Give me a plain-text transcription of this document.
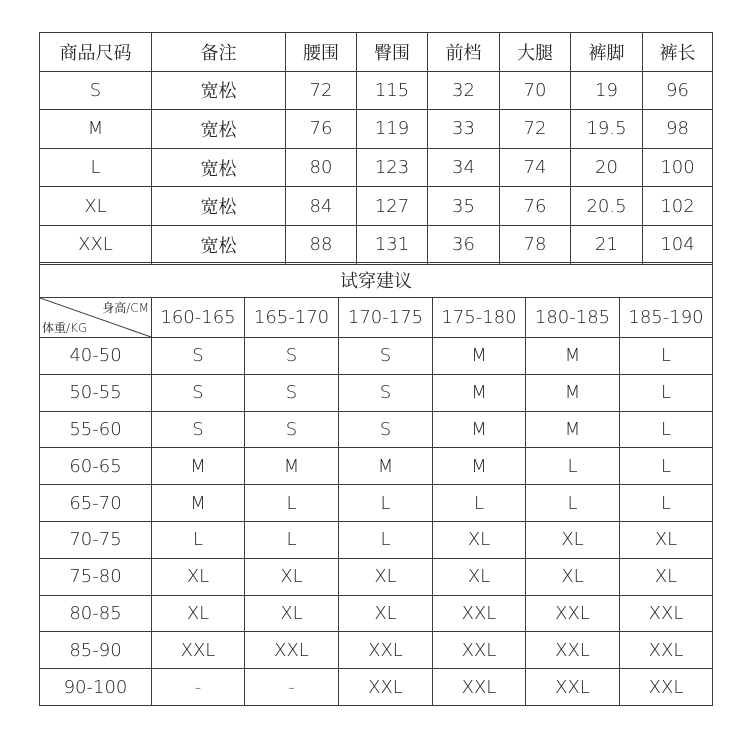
商品尺码	备注	腰围	臀围	前档	大腿	裤脚	裤长
S	宽松	72	115	32	70	19	96
M	宽松	76	119	33	72	19.5	98
L	宽松	80	123	34	74	20	100
XL	宽松	84	127	35	76	20.5	102
XXL	宽松	88	131	36	78	21	104
试穿建议						

身高/CM
体重/KG	160-165	165-170	170-175	175-180	180-185	185-190
40-50	S	S	S	M	M	L
50-55	S	S	S	M	M	L
55-60	S	S	S	M	M	L
60-65	M	M	M	M	L	L
65-70	M	L	L	L	L	L
70-75	L	L	L	XL	XL	XL
75-80	XL	XL	XL	XL	XL	XL
80-85	XL	XL	XL	XXL	XXL	XXL
85-90	XXL	XXL	XXL	XXL	XXL	XXL
90-100	-	-	XXL	XXL	XXL	XXL
